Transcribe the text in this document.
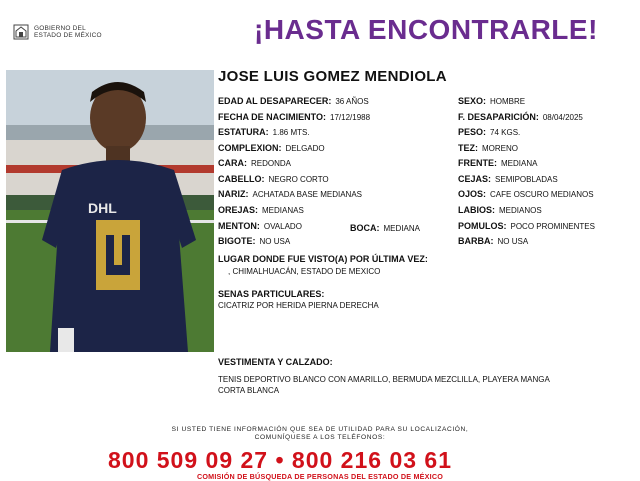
GOBIERNO DEL
ESTADO DE MÉXICO	¡HASTA ENCONTRARLE!
DHL
JOSE LUIS GOMEZ MENDIOLA
EDAD AL DESAPARECER: 36 AÑOS
FECHA DE NACIMIENTO: 17/12/1988
ESTATURA: 1.86 MTS.
COMPLEXION: DELGADO
CARA: REDONDA
CABELLO: NEGRO CORTO
NARIZ: ACHATADA BASE MEDIANAS
OREJAS: MEDIANAS
MENTON: OVALADO	BOCA: MEDIANA
BIGOTE: NO USA
SEXO: HOMBRE
F. DESAPARICIÓN: 08/04/2025
PESO: 74 KGS.
TEZ: MORENO
FRENTE: MEDIANA
CEJAS: SEMIPOBLADAS
OJOS: CAFE OSCURO MEDIANOS
LABIOS: MEDIANOS
POMULOS: POCO PROMINENTES
BARBA: NO USA
LUGAR DONDE FUE VISTO(A) POR ÚLTIMA VEZ:
, CHIMALHUACÁN, ESTADO DE MEXICO
SENAS PARTICULARES:
CICATRIZ POR HERIDA PIERNA DERECHA
VESTIMENTA Y CALZADO:
TENIS DEPORTIVO BLANCO CON AMARILLO, BERMUDA MEZCLILLA, PLAYERA MANGA
CORTA BLANCA
SI USTED TIENE INFORMACIÓN QUE SEA DE UTILIDAD PARA SU LOCALIZACIÓN,
COMUNÍQUESE A LOS TELÉFONOS:
800 509 09 27 • 800 216 03 61
COMISIÓN DE BÚSQUEDA DE PERSONAS DEL ESTADO DE MÉXICO
